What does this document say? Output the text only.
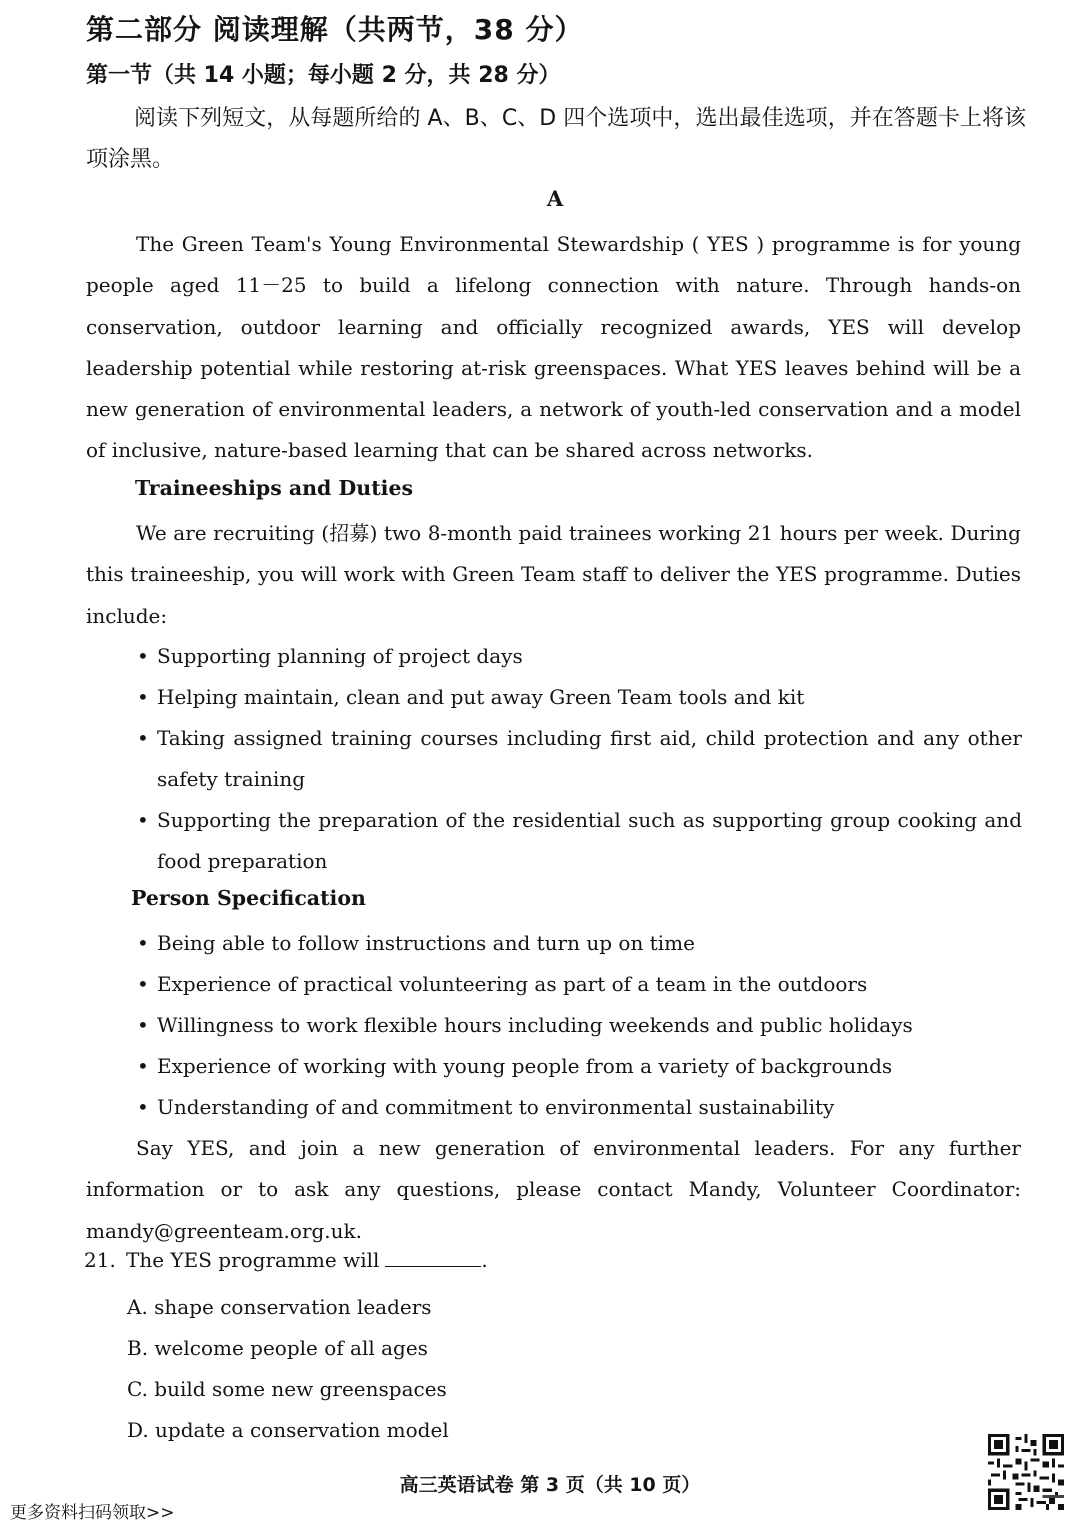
第二部分 阅读理解（共两节，38 分）
第一节（共 14 小题；每小题 2 分，共 28 分）
阅读下列短文，从每题所给的 A、B、C、D 四个选项中，选出最佳选项，并在答题卡上将该项涂黑。
A

The Green Team's Young Environmental Stewardship ( YES ) programme is for young people aged 11－25 to build a lifelong connection with nature. Through hands-on conservation, outdoor learning and officially recognized awards, YES will develop leadership potential while restoring at-risk greenspaces. What YES leaves behind will be a new generation of environmental leaders, a network of youth-led conservation and a model of inclusive, nature-based learning that can be shared across networks.

Traineeships and Duties

We are recruiting (招募) two 8-month paid trainees working 21 hours per week. During this traineeship, you will work with Green Team staff to deliver the YES programme. Duties include:

• Supporting planning of project days
• Helping maintain, clean and put away Green Team tools and kit
• Taking assigned training courses including first aid, child protection and any other safety training
• Supporting the preparation of the residential such as supporting group cooking and food preparation
Person Specification
• Being able to follow instructions and turn up on time
• Experience of practical volunteering as part of a team in the outdoors
• Willingness to work flexible hours including weekends and public holidays
• Experience of working with young people from a variety of backgrounds
• Understanding of and commitment to environmental sustainability

Say YES, and join a new generation of environmental leaders. For any further information or to ask any questions, please contact Mandy, Volunteer Coordinator: mandy@greenteam.org.uk.

21. The YES programme will	.
A. shape conservation leaders
B. welcome people of all ages
C. build some new greenspaces
D. update a conservation model
高三英语试卷 第 3 页（共 10 页）
更多资料扫码领取>>
